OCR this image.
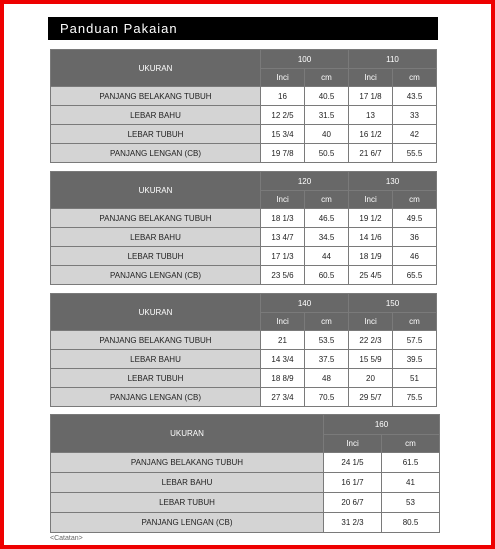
Panduan Pakaian
UKURAN	100		110	
	Inci	cm	Inci	cm
PANJANG BELAKANG TUBUH	16	40.5	17 1/8	43.5
LEBAR BAHU	12 2/5	31.5	13	33
LEBAR TUBUH	15 3/4	40	16 1/2	42
PANJANG LENGAN (CB)	19 7/8	50.5	21 6/7	55.5
UKURAN	120		130	
	Inci	cm	Inci	cm
PANJANG BELAKANG TUBUH	18 1/3	46.5	19 1/2	49.5
LEBAR BAHU	13 4/7	34.5	14 1/6	36
LEBAR TUBUH	17 1/3	44	18 1/9	46
PANJANG LENGAN (CB)	23 5/6	60.5	25 4/5	65.5
UKURAN	140		150	
	Inci	cm	Inci	cm
PANJANG BELAKANG TUBUH	21	53.5	22 2/3	57.5
LEBAR BAHU	14 3/4	37.5	15 5/9	39.5
LEBAR TUBUH	18 8/9	48	20	51
PANJANG LENGAN (CB)	27 3/4	70.5	29 5/7	75.5
UKURAN	160	
	Inci	cm
PANJANG BELAKANG TUBUH	24 1/5	61.5
LEBAR BAHU	16 1/7	41
LEBAR TUBUH	20 6/7	53
PANJANG LENGAN (CB)	31 2/3	80.5
<Catatan>
